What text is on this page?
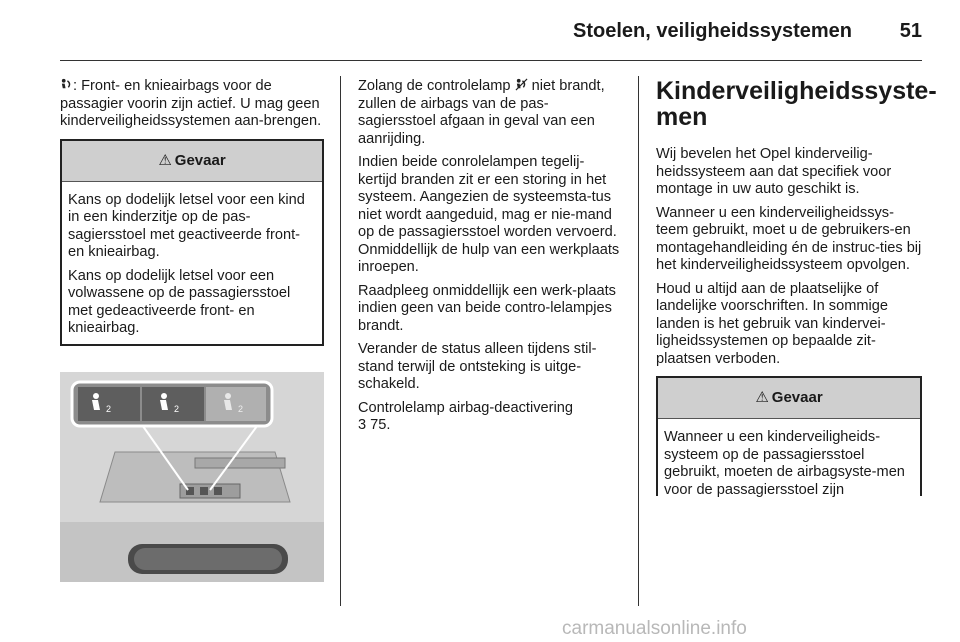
Stoelen, veiligheidssystemen 51

: Front- en knieairbags voor de passagier voorin zijn actief. U mag geen kinderveiligheidssystemen aan-brengen.

⚠ Gevaar

Kans op dodelijk letsel voor een kind in een kinderzitje op de pas-sagiersstoel met geactiveerde front- en knieairbag.

Kans op dodelijk letsel voor een volwassene op de passagiersstoel met gedeactiveerde front- en knieairbag.

2	2	2

Zolang de controlelamp  niet brandt, zullen de airbags van de pas-sagiersstoel afgaan in geval van een aanrijding.

Indien beide conrolelampen tegelij-kertijd branden zit er een storing in het systeem. Aangezien de systeemsta-tus niet wordt aangeduid, mag er nie-mand op de passagiersstoel worden vervoerd. Onmiddellijk de hulp van een werkplaats inroepen.

Raadpleeg onmiddellijk een werk-plaats indien geen van beide contro-lelampjes brandt.

Verander de status alleen tijdens stil-stand terwijl de ontsteking is uitge-schakeld.

Controlelamp airbag-deactivering
3 75.

Kinderveiligheidssyste-men

Wij bevelen het Opel kinderveilig-heidssysteem aan dat specifiek voor montage in uw auto geschikt is.

Wanneer u een kinderveiligheidssys-teem gebruikt, moet u de gebruikers-en montagehandleiding én de instruc-ties bij het kinderveiligheidssysteem opvolgen.

Houd u altijd aan de plaatselijke of landelijke voorschriften. In sommige landen is het gebruik van kindervei-ligheidssystemen op bepaalde zit-plaatsen verboden.

⚠ Gevaar

Wanneer u een kinderveiligheids-systeem op de passagiersstoel gebruikt, moeten de airbagsyste-men voor de passagiersstoel zijn

carmanualsonline.info
